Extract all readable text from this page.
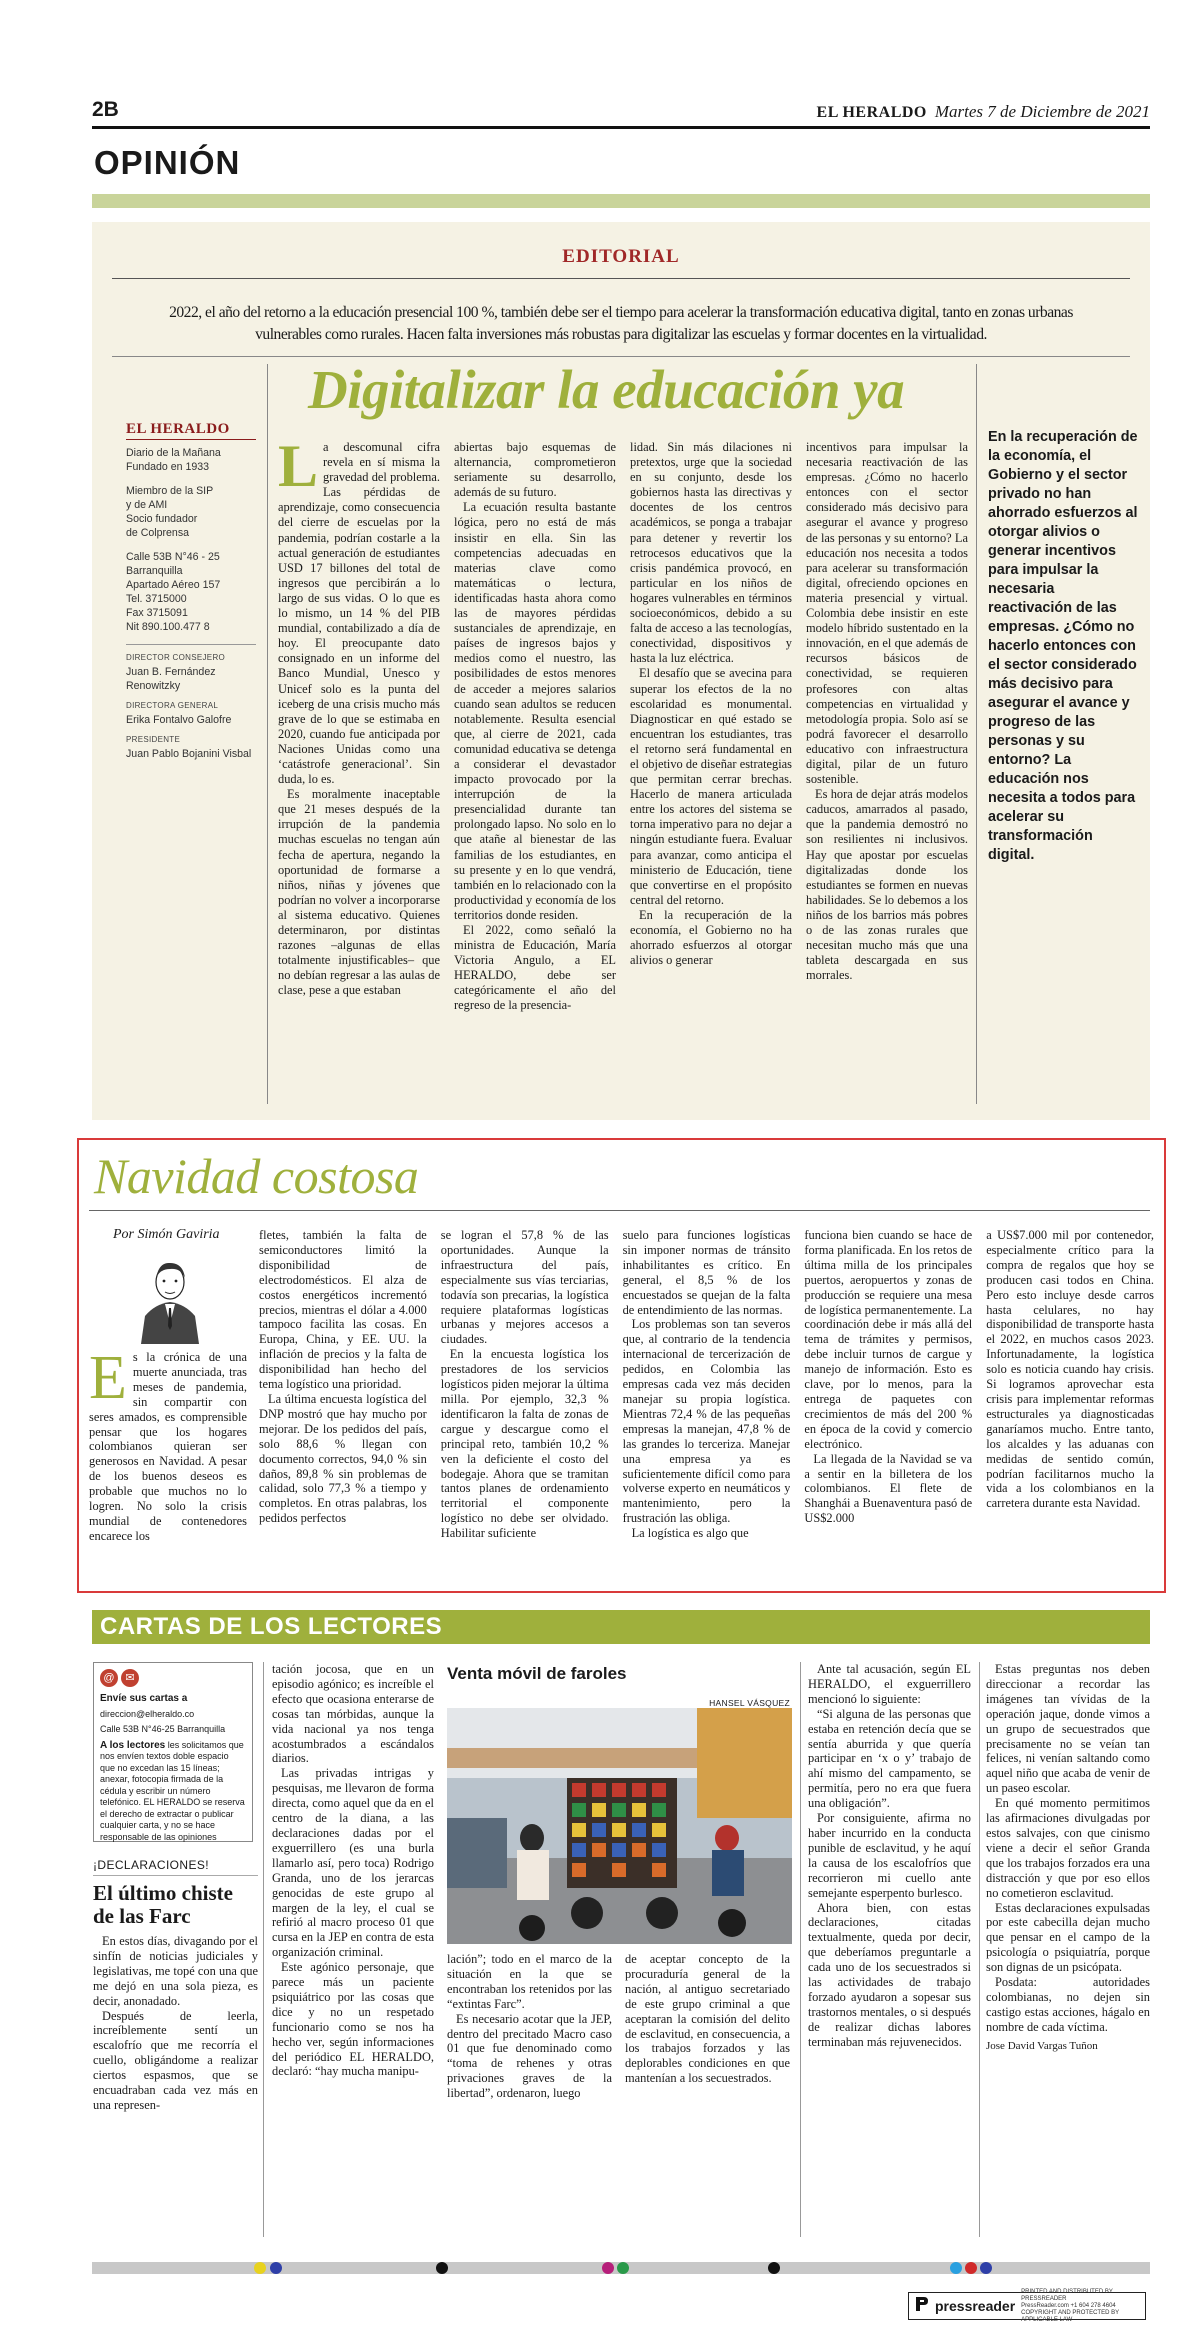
2B	EL HERALDO Martes 7 de Diciembre de 2021
OPINIÓN
EDITORIAL
2022, el año del retorno a la educación presencial 100 %, también debe ser el tiempo para acelerar la transformación educativa digital, tanto en zonas urbanas vulnerables como rurales. Hacen falta inversiones más robustas para digitalizar las escuelas y formar docentes en la virtualidad.
EL HERALDO
Diario de la Mañana
Fundado en 1933
Miembro de la SIP
y de AMI
Socio fundador
de Colprensa
Calle 53B N°46 - 25
Barranquilla
Apartado Aéreo 157
Tel. 3715000
Fax 3715091
Nit 890.100.477 8
DIRECTOR CONSEJERO
Juan B. Fernández Renowitzky
DIRECTORA GENERAL
Erika Fontalvo Galofre
PRESIDENTE
Juan Pablo Bojanini Visbal
Digitalizar la educación ya

La descomunal cifra revela en sí misma la gravedad del problema. Las pérdidas de aprendizaje, como consecuencia del cierre de escuelas por la pandemia, podrían costarle a la actual generación de estudiantes USD 17 billones del total de ingresos que percibirán a lo largo de sus vidas. O lo que es lo mismo, un 14 % del PIB mundial, contabilizado a día de hoy. El preocupante dato consignado en un informe del Banco Mundial, Unesco y Unicef solo es la punta del iceberg de una crisis mucho más grave de lo que se estimaba en 2020, cuando fue anticipada por Naciones Unidas como una ‘catástrofe generacional’. Sin duda, lo es.

Es moralmente inaceptable que 21 meses después de la irrupción de la pandemia muchas escuelas no tengan aún fecha de apertura, negando la oportunidad de formarse a niños, niñas y jóvenes que podrían no volver a incorporarse al sistema educativo. Quienes determinaron, por distintas razones –algunas de ellas totalmente injustificables– que no debían regresar a las aulas de clase, pese a que estaban

abiertas bajo esquemas de alternancia, comprometieron seriamente su desarrollo, además de su futuro.

La ecuación resulta bastante lógica, pero no está de más insistir en ella. Sin las competencias adecuadas en materias clave como matemáticas o lectura, identificadas hasta ahora como las de mayores pérdidas sustanciales de aprendizaje, en países de ingresos bajos y medios como el nuestro, las posibilidades de estos menores de acceder a mejores salarios cuando sean adultos se reducen notablemente. Resulta esencial que, al cierre de 2021, cada comunidad educativa se detenga a considerar el devastador impacto provocado por la interrupción de la presencialidad durante tan prolongado lapso. No solo en lo que atañe al bienestar de las familias de los estudiantes, en su presente y en lo que vendrá, también en lo relacionado con la productividad y economía de los territorios donde residen.

El 2022, como señaló la ministra de Educación, María Victoria Angulo, a EL HERALDO, debe ser categóricamente el año del regreso de la presencia-

lidad. Sin más dilaciones ni pretextos, urge que la sociedad en su conjunto, desde los gobiernos hasta las directivas y docentes de los centros académicos, se ponga a trabajar para detener y revertir los retrocesos educativos que la crisis pandémica provocó, en particular en los niños de hogares vulnerables en términos socioeconómicos, debido a su falta de acceso a las tecnologías, conectividad, dispositivos y hasta la luz eléctrica.

El desafío que se avecina para superar los efectos de la no escolaridad es monumental. Diagnosticar en qué estado se encuentran los estudiantes, tras el retorno será fundamental en el objetivo de diseñar estrategias que permitan cerrar brechas. Hacerlo de manera articulada entre los actores del sistema se torna imperativo para no dejar a ningún estudiante fuera. Evaluar para avanzar, como anticipa el ministerio de Educación, tiene que convertirse en el propósito central del retorno.

En la recuperación de la economía, el Gobierno no ha ahorrado esfuerzos al otorgar alivios o generar

incentivos para impulsar la necesaria reactivación de las empresas. ¿Cómo no hacerlo entonces con el sector considerado más decisivo para asegurar el avance y progreso de las personas y su entorno? La educación nos necesita a todos para acelerar su transformación digital, ofreciendo opciones en materia presencial y virtual. Colombia debe insistir en este modelo híbrido sustentado en la innovación, en el que además de recursos básicos de conectividad, se requieren profesores con altas competencias en virtualidad y metodología propia. Solo así se podrá favorecer el desarrollo educativo con infraestructura digital, pilar de un futuro sostenible.

Es hora de dejar atrás modelos caducos, amarrados al pasado, que la pandemia demostró no son resilientes ni inclusivos. Hay que apostar por escuelas digitalizadas donde los estudiantes se formen en nuevas habilidades. Se lo debemos a los niños de los barrios más pobres o de las zonas rurales que necesitan mucho más que una tableta descargada en sus morrales.

En la recuperación de la economía, el Gobierno y el sector privado no han ahorrado esfuerzos al otorgar alivios o generar incentivos para impulsar la necesaria reactivación de las empresas. ¿Cómo no hacerlo entonces con el sector considerado más decisivo para asegurar el avance y progreso de las personas y su entorno? La educación nos necesita a todos para acelerar su transformación digital.
Navidad costosa
Por Simón Gaviria
Es la crónica de una muerte anunciada, tras meses de pandemia, sin compartir con seres amados, es comprensible pensar que los hogares colombianos quieran ser generosos en Navidad. A pesar de los buenos deseos es probable que muchos no lo logren. No solo la crisis mundial de contenedores encarece los

fletes, también la falta de semiconductores limitó la disponibilidad de electrodomésticos. El alza de costos energéticos incrementó precios, mientras el dólar a 4.000 tampoco facilita las cosas. En Europa, China, y EE. UU. la inflación de precios y la falta de disponibilidad han hecho del tema logístico una prioridad.

La última encuesta logística del DNP mostró que hay mucho por mejorar. De los pedidos del país, solo 88,6 % llegan con documento correctos, 94,0 % sin daños, 89,8 % sin problemas de calidad, solo 77,3 % a tiempo y completos. En otras palabras, los pedidos perfectos

se logran el 57,8 % de las oportunidades. Aunque la infraestructura del país, especialmente sus vías terciarias, todavía son precarias, la logística requiere plataformas logísticas urbanas y mejores accesos a ciudades.

En la encuesta logística los prestadores de los servicios logísticos piden mejorar la última milla. Por ejemplo, 32,3 % identificaron la falta de zonas de cargue y descargue como el principal reto, también 10,2 % ven la deficiente el costo del bodegaje. Ahora que se tramitan tantos planes de ordenamiento territorial el componente logístico no debe ser olvidado. Habilitar suficiente

suelo para funciones logísticas sin imponer normas de tránsito inhabilitantes es crítico. En general, el 8,5 % de los encuestados se quejan de la falta de entendimiento de las normas.

Los problemas son tan severos que, al contrario de la tendencia internacional de tercerización de pedidos, en Colombia las empresas cada vez más deciden manejar su propia logística. Mientras 72,4 % de las pequeñas empresas la manejan, 47,8 % de las grandes lo terceriza. Manejar una empresa ya es suficientemente difícil como para volverse experto en neumáticos y mantenimiento, pero la frustración las obliga.

La logística es algo que

funciona bien cuando se hace de forma planificada. En los retos de última milla de los principales puertos, aeropuertos y zonas de producción se requiere una mesa de logística permanentemente. La coordinación debe ir más allá del tema de trámites y permisos, debe incluir turnos de cargue y manejo de información. Esto es clave, por lo menos, para la entrega de paquetes con crecimientos de más del 200 % en época de la covid y comercio electrónico.

La llegada de la Navidad se va a sentir en la billetera de los colombianos. El flete de Shanghái a Buenaventura pasó de US$2.000

a US$7.000 mil por contenedor, especialmente crítico para la compra de regalos que hoy se producen casi todos en China. Pero esto incluye desde carros hasta celulares, no hay disponibilidad de transporte hasta el 2022, en muchos casos 2023. Infortunadamente, la logística solo es noticia cuando hay crisis. Si logramos aprovechar esta crisis para implementar reformas estructurales ya diagnosticadas ganaríamos mucho. Entre tanto, los alcaldes y las aduanas con medidas de sentido común, podrían facilitarnos mucho la vida a los colombianos en la carretera durante esta Navidad.

CARTAS DE LOS LECTORES
@ ✉
Envíe sus cartas a
direccion@elheraldo.co
Calle 53B N°46-25 Barranquilla
A los lectores les solicitamos que nos envíen textos doble espacio que no excedan las 15 líneas; anexar, fotocopia firmada de la cédula y escribir un número telefónico. EL HERALDO se reserva el derecho de extractar o publicar cualquier carta, y no se hace responsable de las opiniones
¡DECLARACIONES!
El último chiste de las Farc

En estos días, divagando por el sinfín de noticias judiciales y legislativas, me topé con una que me dejó en una sola pieza, es decir, anonadado.

Después de leerla, increíblemente sentí un escalofrío que me recorría el cuello, obligándome a realizar ciertos espasmos, que se encuadraban cada vez más en una represen-

tación jocosa, que en un episodio agónico; es increíble el efecto que ocasiona enterarse de cosas tan mórbidas, aunque la vida nacional ya nos tenga acostumbrados a escándalos diarios.

Las privadas intrigas y pesquisas, me llevaron de forma directa, como aquel que da en el centro de la diana, a las declaraciones dadas por el exguerrillero (es una burla llamarlo así, pero toca) Rodrigo Granda, uno de los jerarcas genocidas de este grupo al margen de la ley, el cual se refirió al macro proceso 01 que cursa en la JEP en contra de esta organización criminal.

Este agónico personaje, que parece más un paciente psiquiátrico por las cosas que dice y no un respetado funcionario como se nos ha hecho ver, según informaciones del periódico EL HERALDO, declaró: “hay mucha manipu-

Venta móvil de faroles
HANSEL VÁSQUEZ

lación”; todo en el marco de la situación en la que se encontraban los retenidos por las “extintas Farc”.

Es necesario acotar que la JEP, dentro del precitado Macro caso 01 que fue denominado como “toma de rehenes y otras privaciones graves de la libertad”, ordenaron, luego

de aceptar concepto de la procuraduría general de la nación, al antiguo secretariado de este grupo criminal a que aceptaran la comisión del delito de esclavitud, en consecuencia, a los trabajos forzados y las deplorables condiciones en que mantenían a los secuestrados.

Ante tal acusación, según EL HERALDO, el exguerrillero mencionó lo siguiente:

“Si alguna de las personas que estaba en retención decía que se sentía aburrida y que quería participar en ‘x o y’ trabajo de ahí mismo del campamento, se permitía, pero no era que fuera una obligación”.

Por consiguiente, afirma no haber incurrido en la conducta punible de esclavitud, y he aquí la causa de los escalofríos que recorrieron mi cuello ante semejante esperpento burlesco.

Ahora bien, con estas declaraciones, citadas textualmente, queda por decir, que deberíamos preguntarle a cada uno de los secuestrados si las actividades de trabajo forzado ayudaron a sopesar sus trastornos mentales, o si después de realizar dichas labores terminaban más rejuvenecidos.

Estas preguntas nos deben direccionar a recordar las imágenes tan vívidas de la operación jaque, donde vimos a un grupo de secuestrados que precisamente no se veían tan felices, ni venían saltando como aquel niño que acaba de venir de un paseo escolar.

En qué momento permitimos las afirmaciones divulgadas por estos salvajes, con que cinismo viene a decir el señor Granda que los trabajos forzados era una distracción y que por eso ellos no cometieron esclavitud.

Estas declaraciones expulsadas por este cabecilla dejan mucho que pensar en el campo de la psicología o psiquiatría, porque son dignas de un psicópata.

Posdata: autoridades colombianas, no dejen sin castigo estas acciones, hágalo en nombre de cada víctima.

Jose David Vargas Tuñon

pressreader
PRINTED AND DISTRIBUTED BY PRESSREADER
PressReader.com +1 604 278 4604
COPYRIGHT AND PROTECTED BY APPLICABLE LAW
